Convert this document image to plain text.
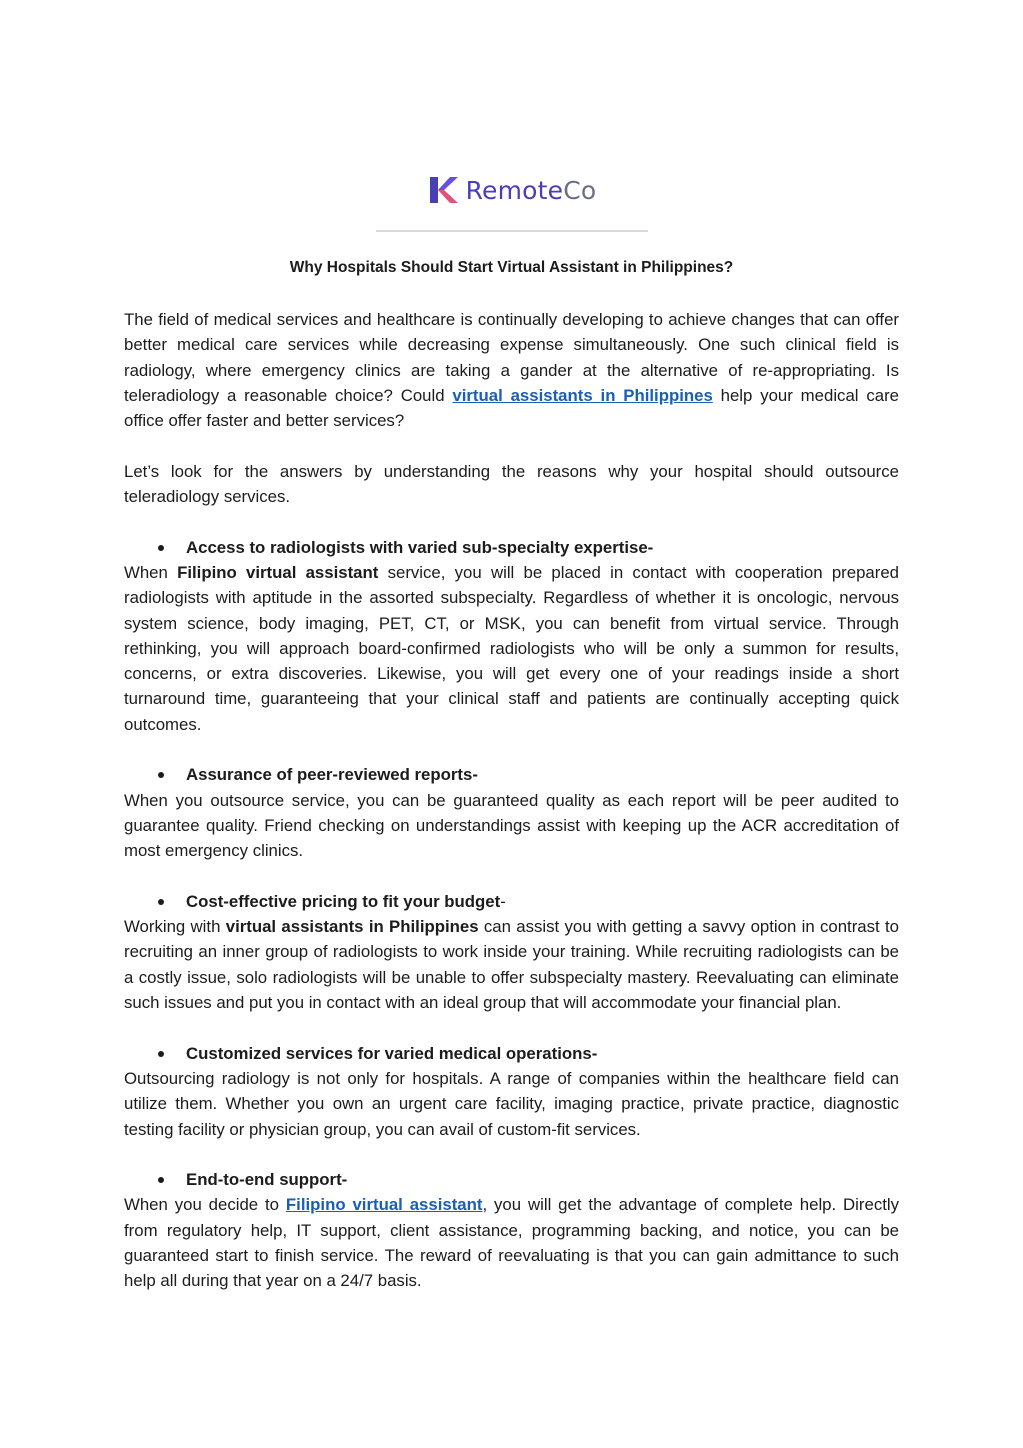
RemoteCo
Why Hospitals Should Start Virtual Assistant in Philippines?

The field of medical services and healthcare is continually developing to achieve changes that can offer better medical care services while decreasing expense simultaneously. One such clinical field is radiology, where emergency clinics are taking a gander at the alternative of re-appropriating. Is teleradiology a reasonable choice? Could virtual assistants in Philippines help your medical care office offer faster and better services?

Let’s look for the answers by understanding the reasons why your hospital should outsource teleradiology services.

Access to radiologists with varied sub-specialty expertise-

When Filipino virtual assistant service, you will be placed in contact with cooperation prepared radiologists with aptitude in the assorted subspecialty. Regardless of whether it is oncologic, nervous system science, body imaging, PET, CT, or MSK, you can benefit from virtual service. Through rethinking, you will approach board-confirmed radiologists who will be only a summon for results, concerns, or extra discoveries. Likewise, you will get every one of your readings inside a short turnaround time, guaranteeing that your clinical staff and patients are continually accepting quick outcomes.

Assurance of peer-reviewed reports-

When you outsource service, you can be guaranteed quality as each report will be peer audited to guarantee quality. Friend checking on understandings assist with keeping up the ACR accreditation of most emergency clinics.

Cost-effective pricing to fit your budget-

Working with virtual assistants in Philippines can assist you with getting a savvy option in contrast to recruiting an inner group of radiologists to work inside your training. While recruiting radiologists can be a costly issue, solo radiologists will be unable to offer subspecialty mastery. Reevaluating can eliminate such issues and put you in contact with an ideal group that will accommodate your financial plan.

Customized services for varied medical operations-

Outsourcing radiology is not only for hospitals. A range of companies within the healthcare field can utilize them. Whether you own an urgent care facility, imaging practice, private practice, diagnostic testing facility or physician group, you can avail of custom-fit services.

End-to-end support-

When you decide to Filipino virtual assistant, you will get the advantage of complete help. Directly from regulatory help, IT support, client assistance, programming backing, and notice, you can be guaranteed start to finish service. The reward of reevaluating is that you can gain admittance to such help all during that year on a 24/7 basis.
